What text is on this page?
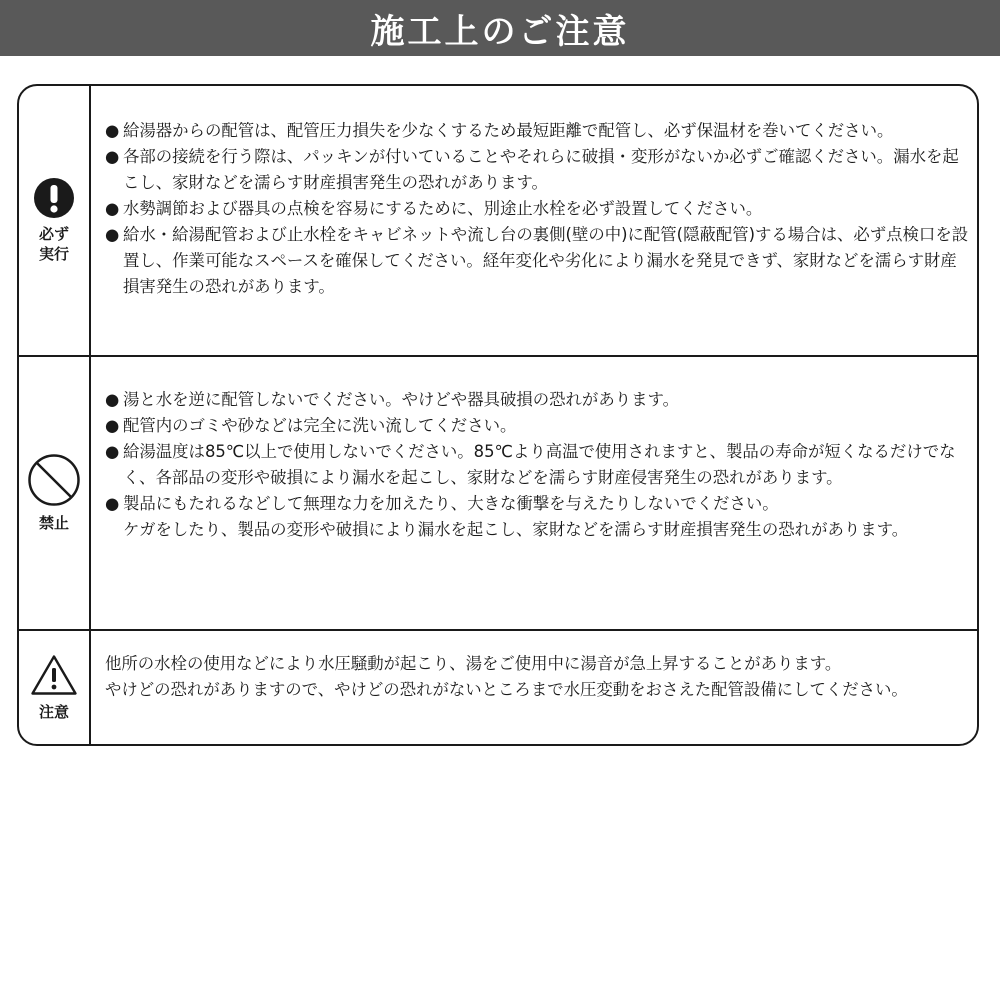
施工上のご注意
必ず
実行

● 給湯器からの配管は、配管圧力損失を少なくするため最短距離で配管し、必ず保温材を巻いてください。

● 各部の接続を行う際は、パッキンが付いていることやそれらに破損・変形がないか必ずご確認ください。漏水を起こし、家財などを濡らす財産損害発生の恐れがあります。

● 水勢調節および器具の点検を容易にするために、別途止水栓を必ず設置してください。

● 給水・給湯配管および止水栓をキャビネットや流し台の裏側(壁の中)に配管(隠蔽配管)する場合は、必ず点検口を設置し、作業可能なスペースを確保してください。経年変化や劣化により漏水を発見できず、家財などを濡らす財産損害発生の恐れがあります。

禁止

● 湯と水を逆に配管しないでください。やけどや器具破損の恐れがあります。

● 配管内のゴミや砂などは完全に洗い流してください。

● 給湯温度は85℃以上で使用しないでください。85℃より高温で使用されますと、製品の寿命が短くなるだけでなく、各部品の変形や破損により漏水を起こし、家財などを濡らす財産侵害発生の恐れがあります。

● 製品にもたれるなどして無理な力を加えたり、大きな衝撃を与えたりしないでください。

ケガをしたり、製品の変形や破損により漏水を起こし、家財などを濡らす財産損害発生の恐れがあります。

注意

他所の水栓の使用などにより水圧騒動が起こり、湯をご使用中に湯音が急上昇することがあります。

やけどの恐れがありますので、やけどの恐れがないところまで水圧変動をおさえた配管設備にしてください。
